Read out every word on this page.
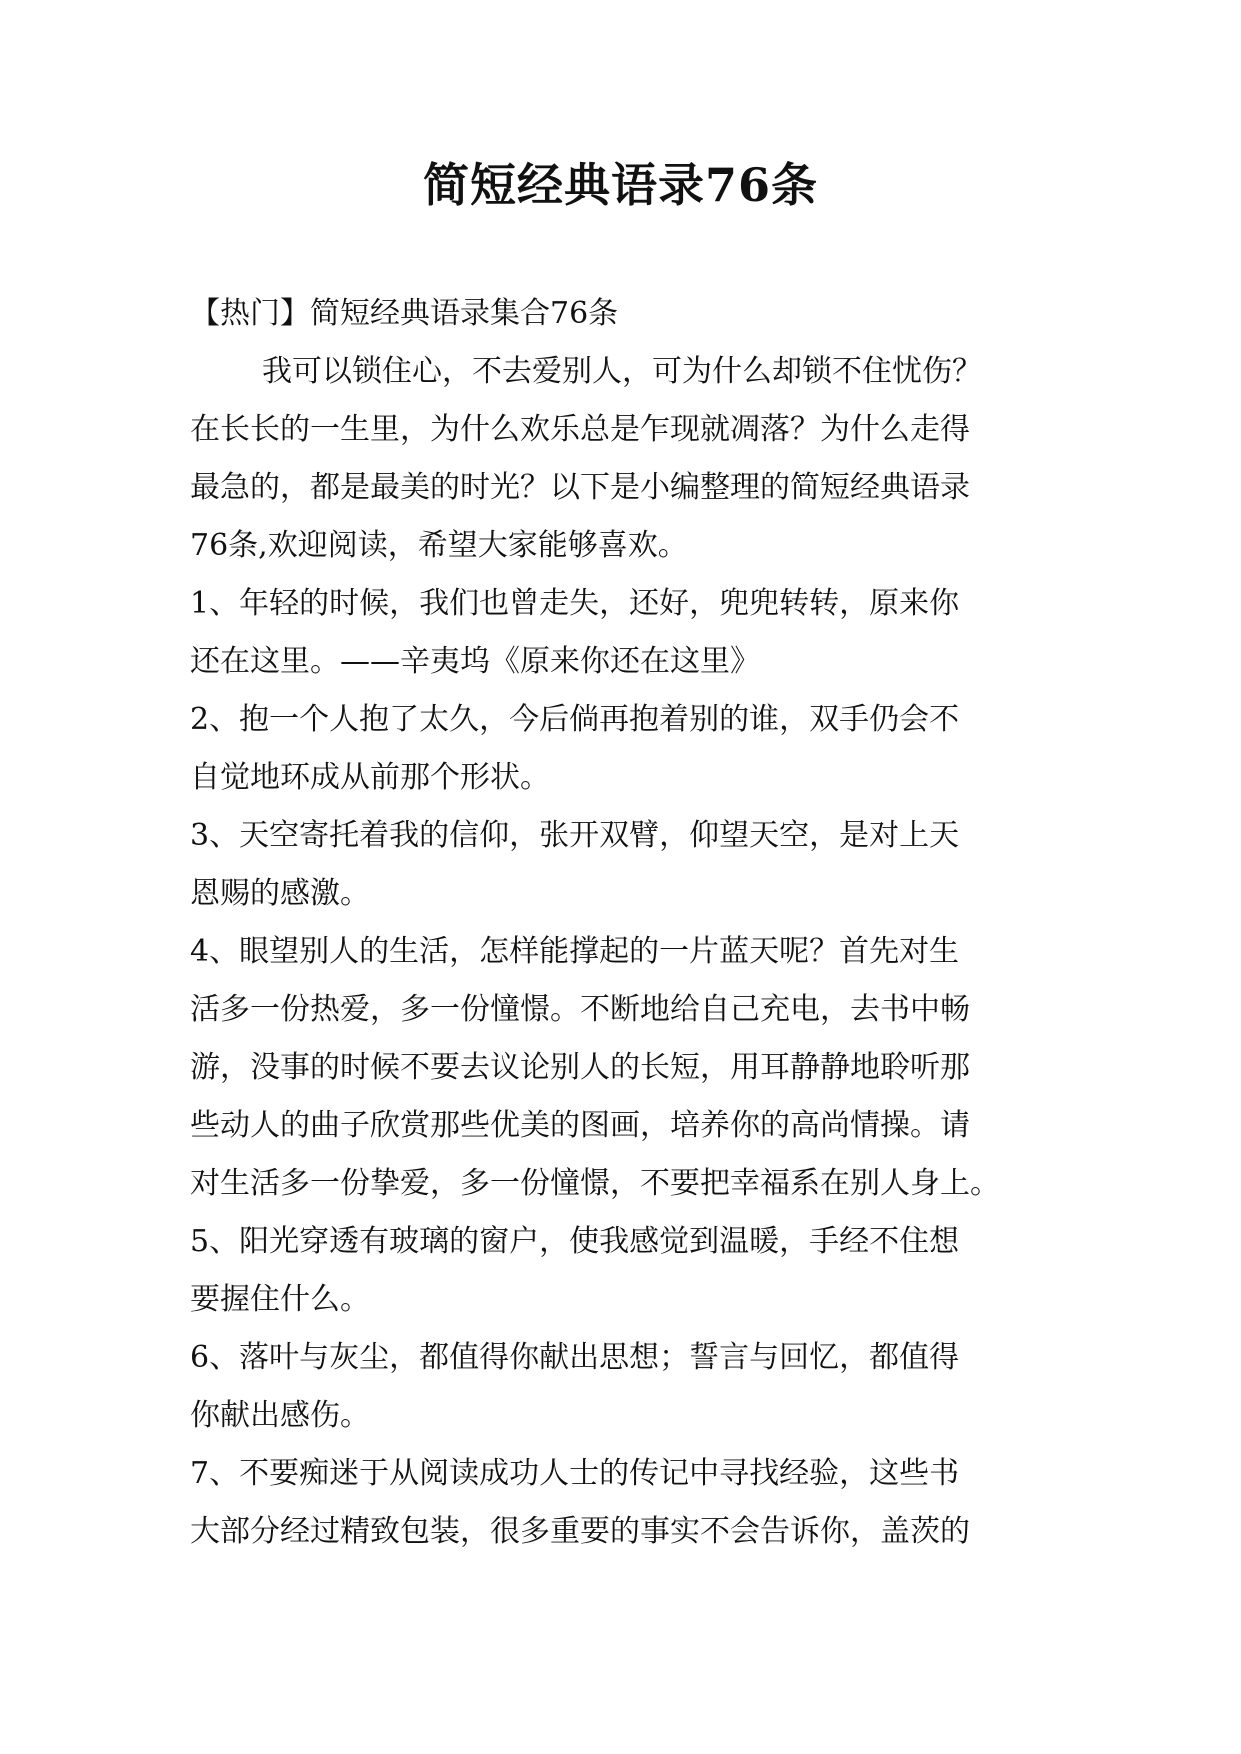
简短经典语录76条
【热门】简短经典语录集合76条
我可以锁住心，不去爱别人，可为什么却锁不住忧伤？
在长长的一生里，为什么欢乐总是乍现就凋落？为什么走得
最急的，都是最美的时光？以下是小编整理的简短经典语录
76条,欢迎阅读，希望大家能够喜欢。
1、年轻的时候，我们也曾走失，还好，兜兜转转，原来你
还在这里。——辛夷坞《原来你还在这里》
2、抱一个人抱了太久，今后倘再抱着别的谁，双手仍会不
自觉地环成从前那个形状。
3、天空寄托着我的信仰，张开双臂，仰望天空，是对上天
恩赐的感激。
4、眼望别人的生活，怎样能撑起的一片蓝天呢？首先对生
活多一份热爱，多一份憧憬。不断地给自己充电，去书中畅
游，没事的时候不要去议论别人的长短，用耳静静地聆听那
些动人的曲子欣赏那些优美的图画，培养你的高尚情操。请
对生活多一份挚爱，多一份憧憬，不要把幸福系在别人身上。
5、阳光穿透有玻璃的窗户，使我感觉到温暖，手经不住想
要握住什么。
6、落叶与灰尘，都值得你献出思想；誓言与回忆，都值得
你献出感伤。
7、不要痴迷于从阅读成功人士的传记中寻找经验，这些书
大部分经过精致包装，很多重要的事实不会告诉你，盖茨的
